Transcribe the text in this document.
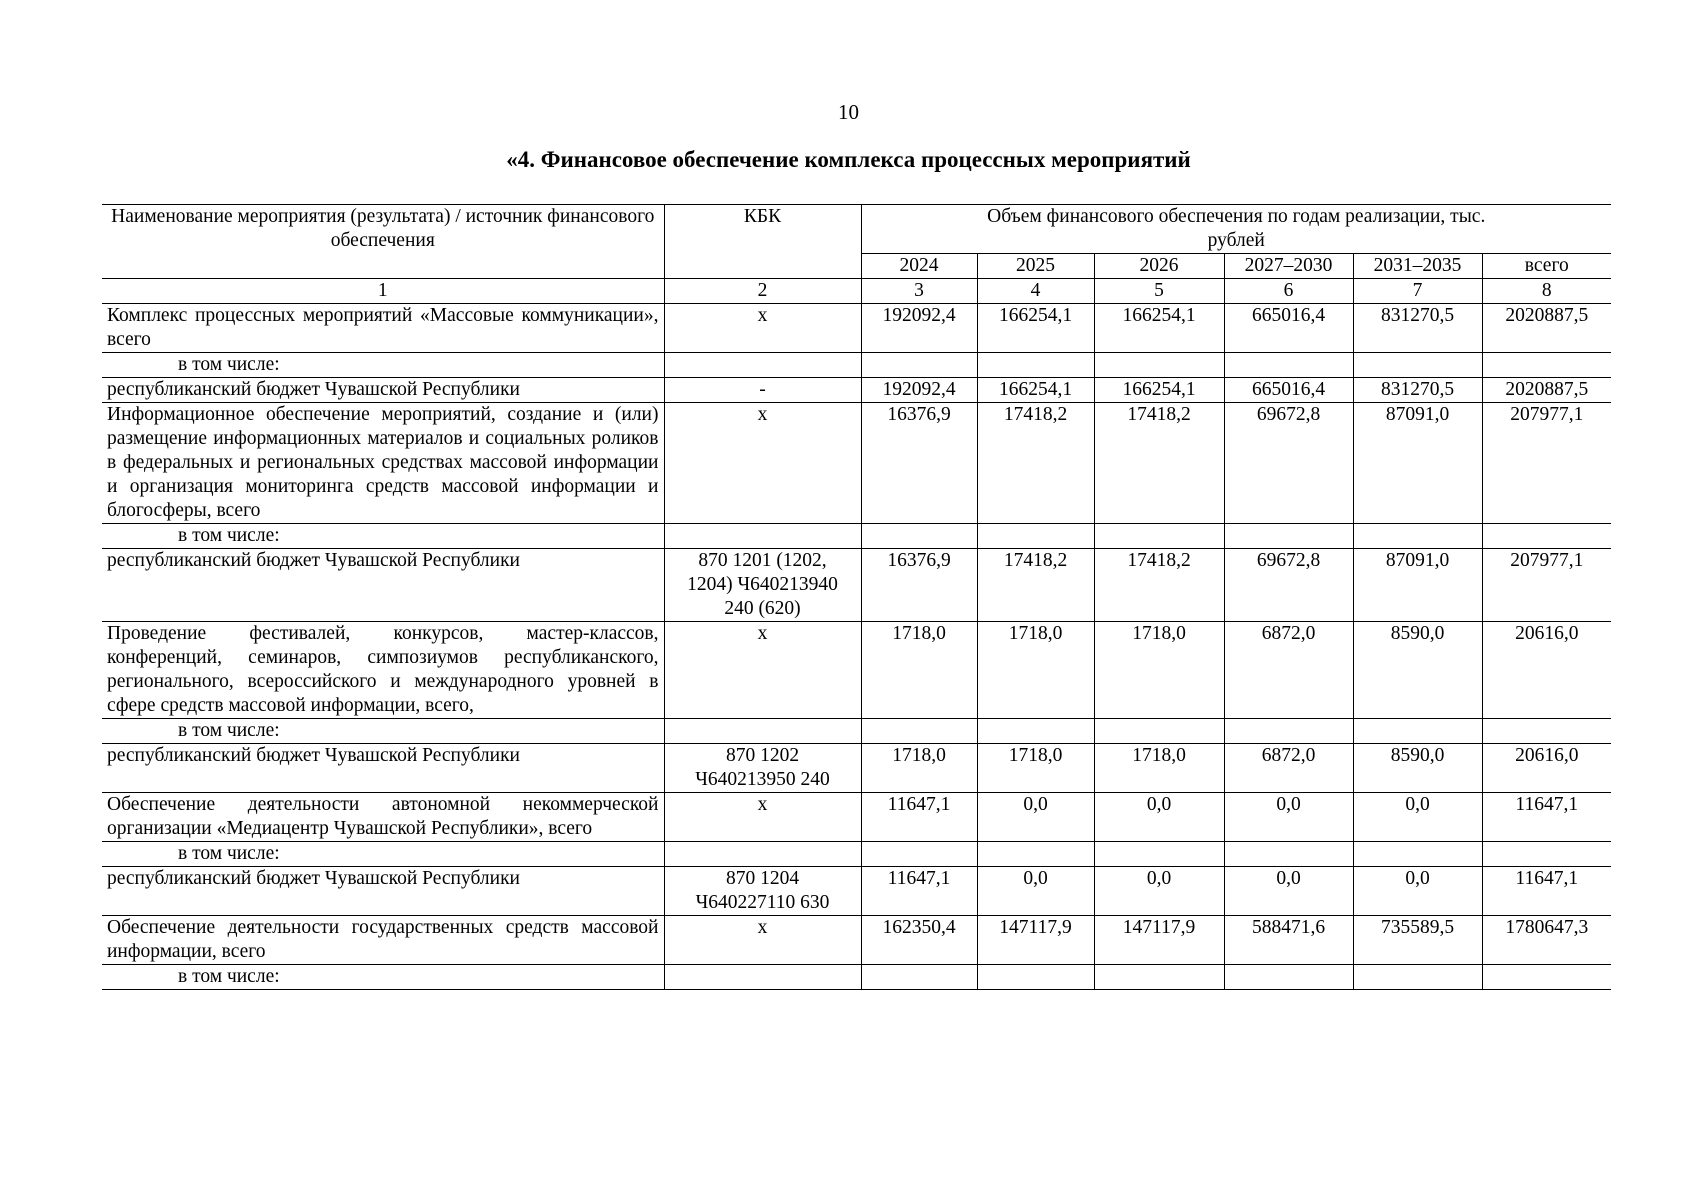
10
«4. Финансовое обеспечение комплекса процессных мероприятий
Наименование мероприятия (результата) / источник финансового обеспечения	КБК	Объем финансового обеспечения по годам реализации, тыс. рублей					
		2024	2025	2026	2027–2030	2031–2035	всего
1	2	3	4	5	6	7	8
Комплекс процессных мероприятий «Массовые коммуникации», всего	x	192092,4	166254,1	166254,1	665016,4	831270,5	2020887,5
в том числе:							
республиканский бюджет Чувашской Республики	-	192092,4	166254,1	166254,1	665016,4	831270,5	2020887,5
Информационное обеспечение мероприятий, создание и (или) размещение информационных материалов и социальных роликов в федеральных и региональных средствах массовой информации и организация мониторинга средств массовой информации и блогосферы, всего	x	16376,9	17418,2	17418,2	69672,8	87091,0	207977,1
в том числе:							
республиканский бюджет Чувашской Республики	870 1201 (1202, 1204) Ч640213940 240 (620)	16376,9	17418,2	17418,2	69672,8	87091,0	207977,1
Проведение фестивалей, конкурсов, мастер-классов, конференций, семинаров, симпозиумов республиканского, регионального, всероссийского и международного уровней в сфере средств массовой информации, всего,	x	1718,0	1718,0	1718,0	6872,0	8590,0	20616,0
в том числе:							
республиканский бюджет Чувашской Республики	870 1202 Ч640213950 240	1718,0	1718,0	1718,0	6872,0	8590,0	20616,0
Обеспечение деятельности автономной некоммерческой организации «Медиацентр Чувашской Республики», всего	x	11647,1	0,0	0,0	0,0	0,0	11647,1
в том числе:							
республиканский бюджет Чувашской Республики	870 1204 Ч640227110 630	11647,1	0,0	0,0	0,0	0,0	11647,1
Обеспечение деятельности государственных средств массовой информации, всего	x	162350,4	147117,9	147117,9	588471,6	735589,5	1780647,3
в том числе:							
